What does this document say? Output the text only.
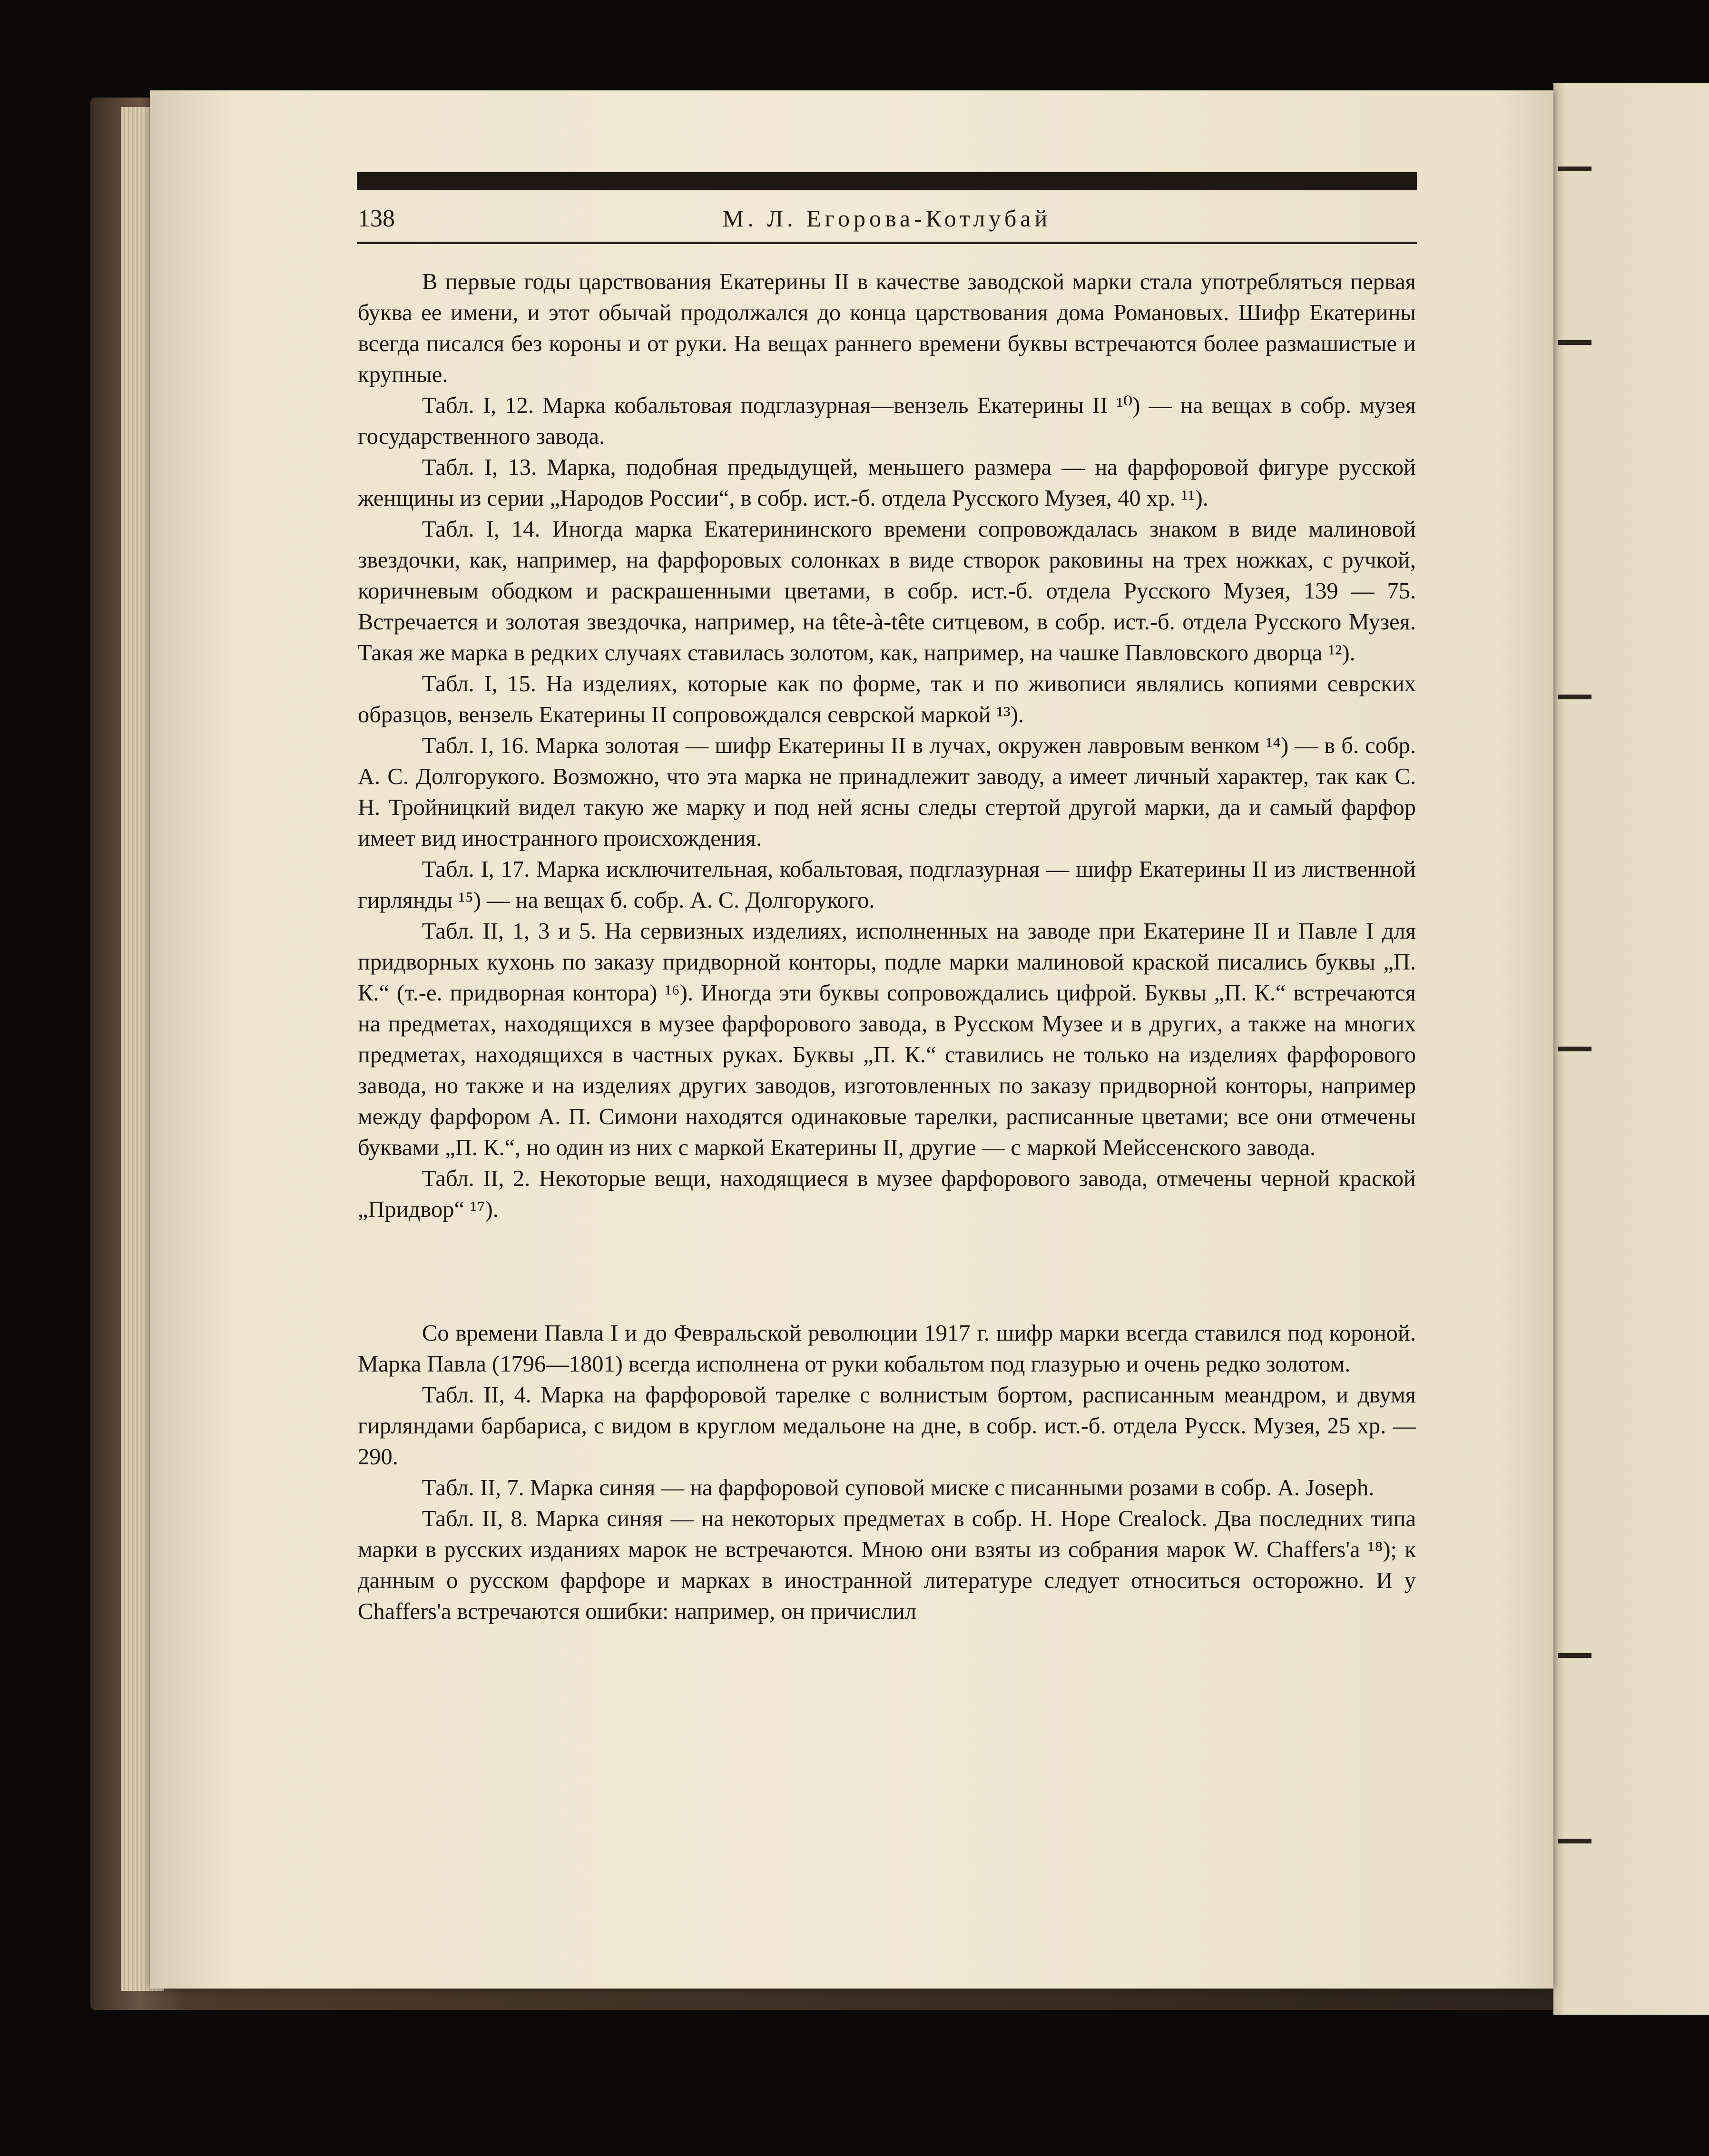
138	М. Л. Егорова-Котлубай

В первые годы царствования Екатерины II в качестве заводской марки стала употребляться первая буква ее имени, и этот обычай продолжался до конца царствования дома Романовых. Шифр Екатерины всегда писался без короны и от руки. На вещах раннего времени буквы встречаются более размашистые и крупные.

Табл. I, 12. Марка кобальтовая подглазурная—вензель Екатерины II ¹⁰) — на вещах в собр. музея государственного завода.

Табл. I, 13. Марка, подобная предыдущей, меньшего размера — на фарфоровой фигуре русской женщины из серии „Народов России“, в собр. ист.-б. отдела Русского Музея, 40 хр. ¹¹).

Табл. I, 14. Иногда марка Екатерининского времени сопровождалась знаком в виде малиновой звездочки, как, например, на фарфоровых солонках в виде створок раковины на трех ножках, с ручкой, коричневым ободком и раскрашенными цветами, в собр. ист.-б. отдела Русского Музея, 139 — 75. Встречается и золотая звездочка, например, на tête-à-tête ситцевом, в собр. ист.-б. отдела Русского Музея. Такая же марка в редких случаях ставилась золотом, как, например, на чашке Павловского дворца ¹²).

Табл. I, 15. На изделиях, которые как по форме, так и по живописи являлись копиями севрских образцов, вензель Екатерины II сопровождался севрской маркой ¹³).

Табл. I, 16. Марка золотая — шифр Екатерины II в лучах, окружен лавровым венком ¹⁴) — в б. собр. А. С. Долгорукого. Возможно, что эта марка не принадлежит заводу, а имеет личный характер, так как С. Н. Тройницкий видел такую же марку и под ней ясны следы стертой другой марки, да и самый фарфор имеет вид иностранного происхождения.

Табл. I, 17. Марка исключительная, кобальтовая, подглазурная — шифр Екатерины II из лиственной гирлянды ¹⁵) — на вещах б. собр. А. С. Долгорукого.

Табл. II, 1, 3 и 5. На сервизных изделиях, исполненных на заводе при Екатерине II и Павле I для придворных кухонь по заказу придворной конторы, подле марки малиновой краской писались буквы „П. К.“ (т.-е. придворная контора) ¹⁶). Иногда эти буквы сопровождались цифрой. Буквы „П. К.“ встречаются на предметах, находящихся в музее фарфорового завода, в Русском Музее и в других, а также на многих предметах, находящихся в частных руках. Буквы „П. К.“ ставились не только на изделиях фарфорового завода, но также и на изделиях других заводов, изготовленных по заказу придворной конторы, например между фарфором А. П. Симони находятся одинаковые тарелки, расписанные цветами; все они отмечены буквами „П. К.“, но один из них с маркой Екатерины II, другие — с маркой Мейссенского завода.

Табл. II, 2. Некоторые вещи, находящиеся в музее фарфорового завода, отмечены черной краской „Придвор“ ¹⁷).

Со времени Павла I и до Февральской революции 1917 г. шифр марки всегда ставился под короной. Марка Павла (1796—1801) всегда исполнена от руки кобальтом под глазурью и очень редко золотом.

Табл. II, 4. Марка на фарфоровой тарелке с волнистым бортом, расписанным меандром, и двумя гирляндами барбариса, с видом в круглом медальоне на дне, в собр. ист.-б. отдела Русск. Музея, 25 хр. — 290.

Табл. II, 7. Марка синяя — на фарфоровой суповой миске с писанными розами в собр. A. Joseph.

Табл. II, 8. Марка синяя — на некоторых предметах в собр. H. Hope Crealock. Два последних типа марки в русских изданиях марок не встречаются. Мною они взяты из собрания марок W. Chaffers'a ¹⁸); к данным о русском фарфоре и марках в иностранной литературе следует относиться осторожно. И у Chaffers'a встречаются ошибки: например, он причислил
